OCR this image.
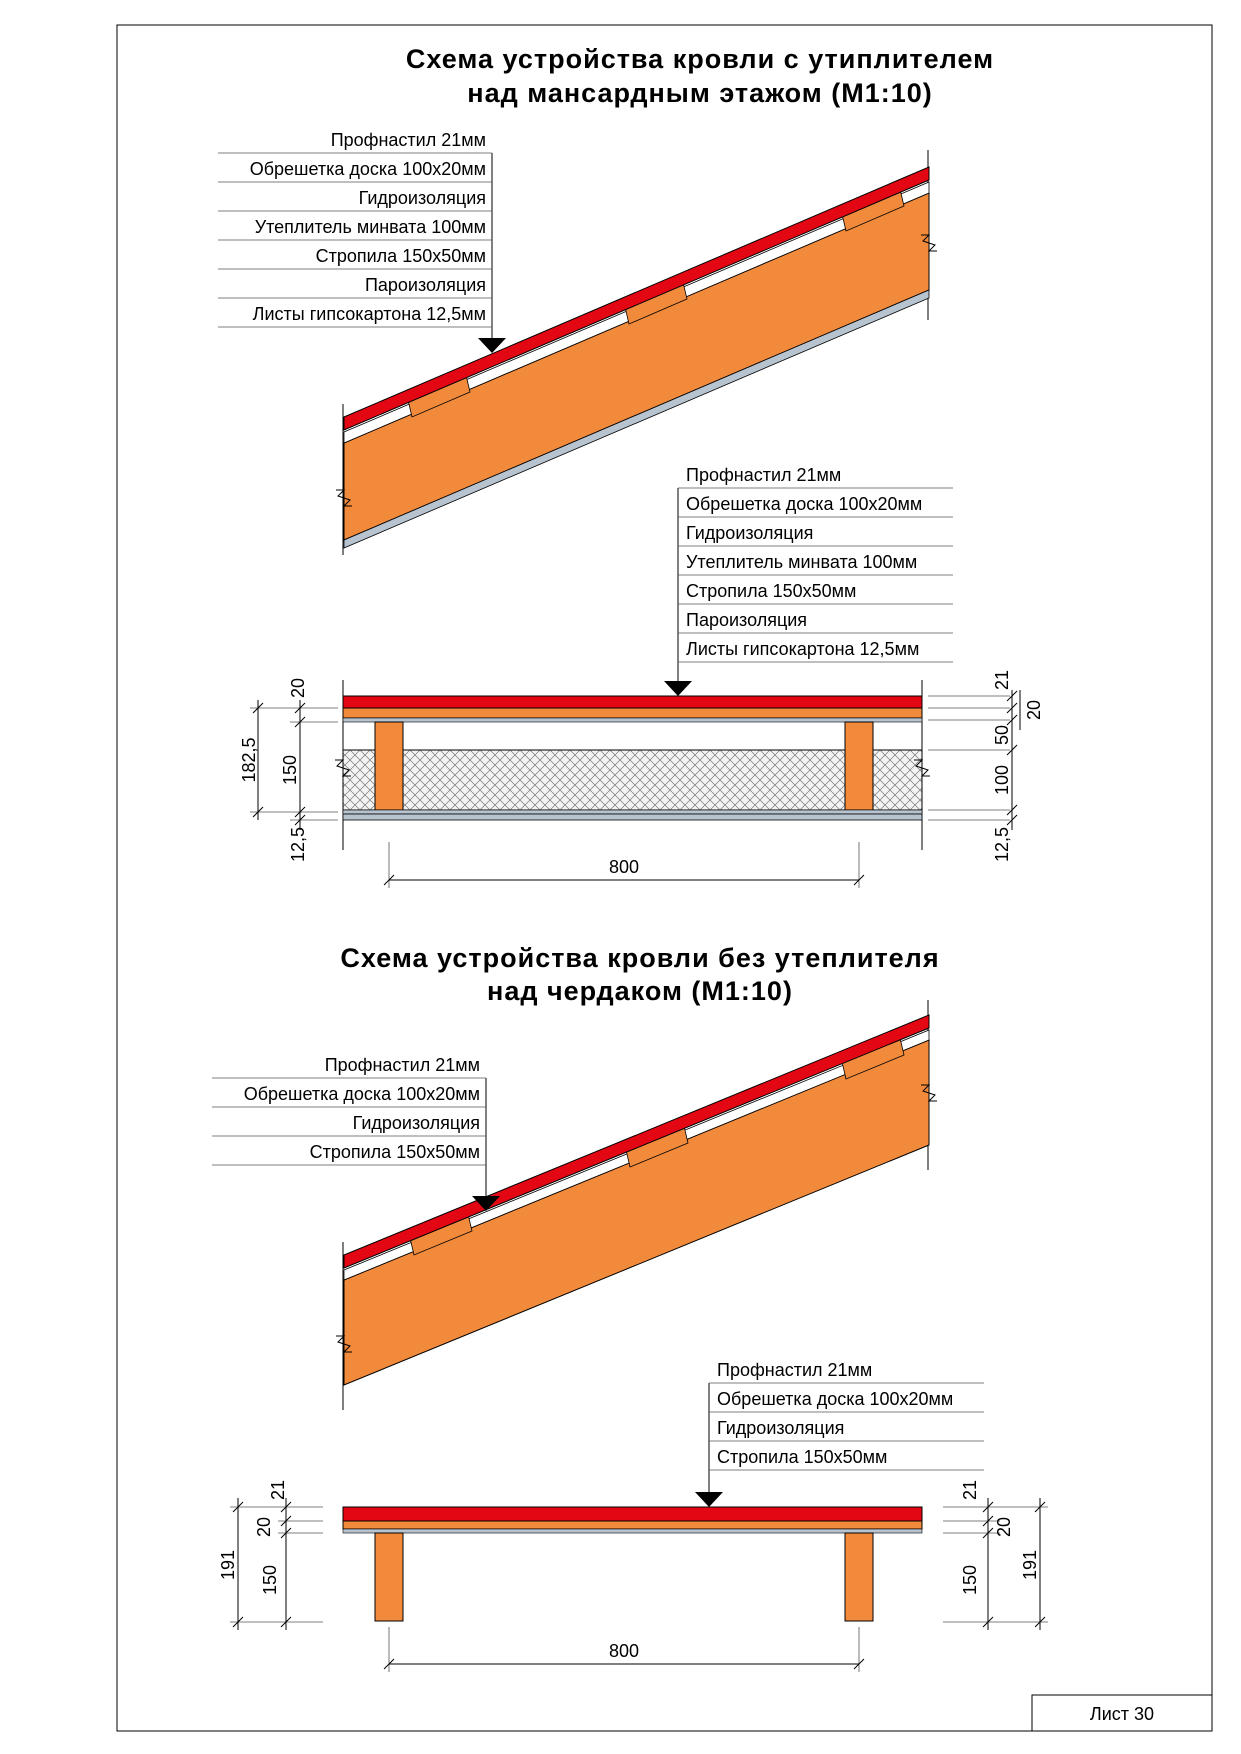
Лист 30
Схема устройства кровли с утиплителем
над мансардным этажом (М1:10)
Профнастил 21мм
Обрешетка доска 100х20мм
Гидроизоляция
Утеплитель минвата 100мм
Стропила 150х50мм
Пароизоляция
Листы гипсокартона 12,5мм
Профнастил 21мм
Обрешетка доска 100х20мм
Гидроизоляция
Утеплитель минвата 100мм
Стропила 150х50мм
Пароизоляция
Листы гипсокартона 12,5мм
20
182,5 150
12,5
21
20
50
100
12,5
800
Схема устройства кровли без утеплителя
над чердаком (М1:10)
Профнастил 21мм
Обрешетка доска 100х20мм
Гидроизоляция
Стропила 150х50мм
Профнастил 21мм
Обрешетка доска 100х20мм
Гидроизоляция
Стропила 150х50мм
21
20
191 150
21
20
150 191
800
